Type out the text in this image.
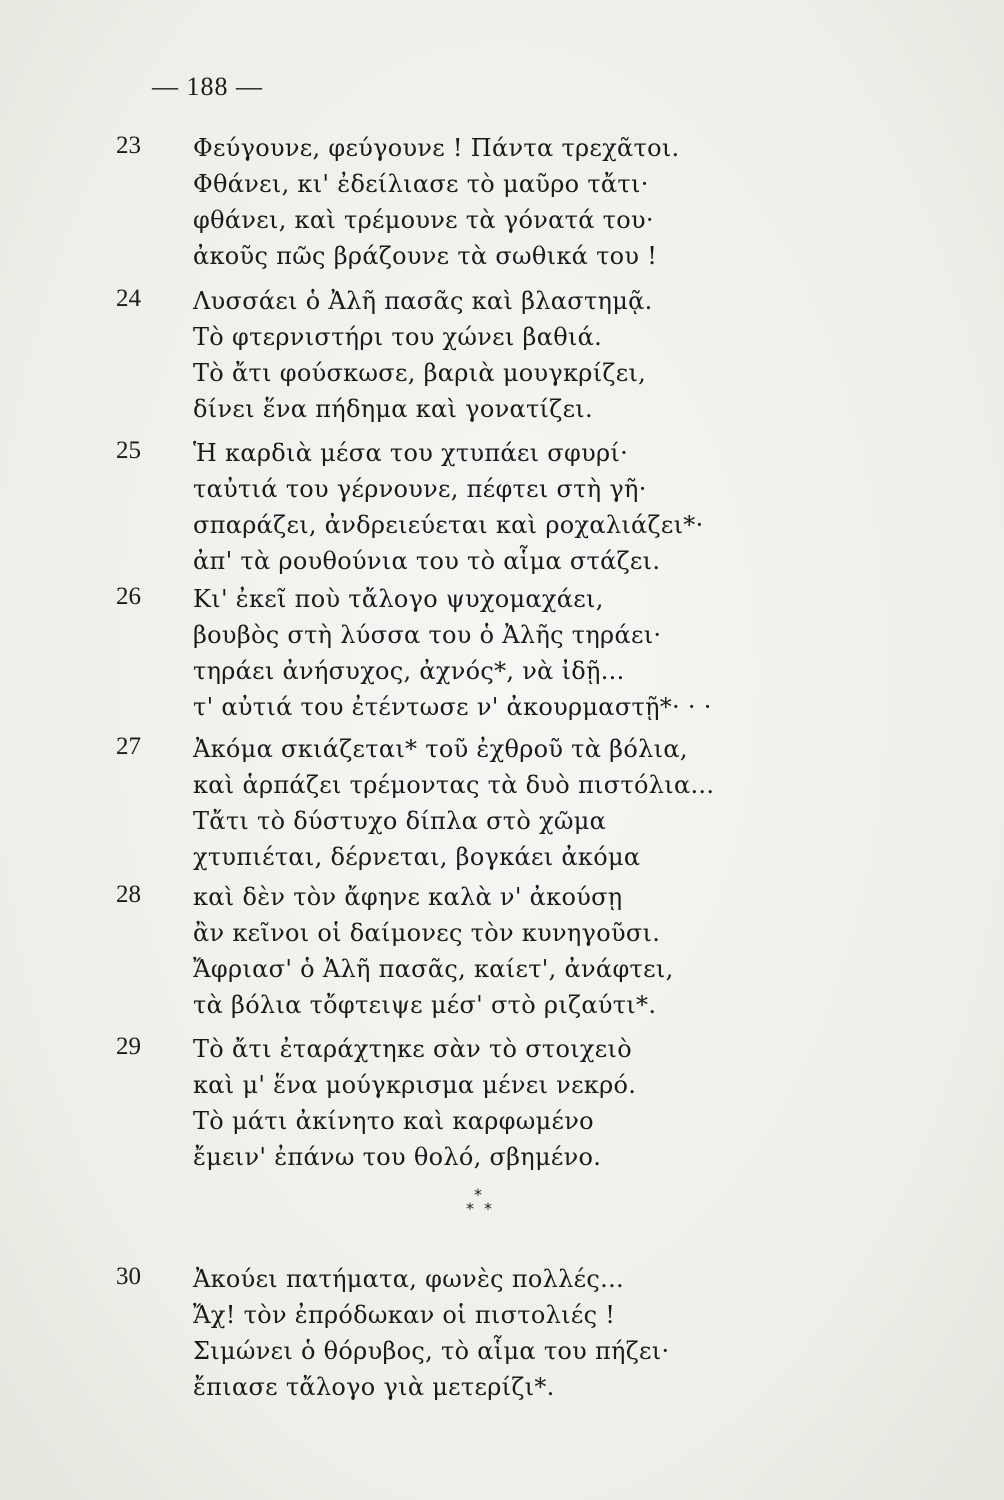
— 188 —
23 Φεύγουνε, φεύγουνε ! Πάντα τρεχᾶτοι.
Φθάνει, κι' ἐδείλιασε τὸ μαῦρο τἄτι·
φθάνει, καὶ τρέμουνε τὰ γόνατά του·
ἀκοῦς πῶς βράζουνε τὰ σωθικά του !
24 Λυσσάει ὁ Ἀλῆ πασᾶς καὶ βλαστημᾷ.
Τὸ φτερνιστήρι του χώνει βαθιά.
Τὸ ἄτι φούσκωσε, βαριὰ μουγκρίζει,
δίνει ἕνα πήδημα καὶ γονατίζει.
25 Ἡ καρδιὰ μέσα του χτυπάει σφυρί·
ταὐτιά του γέρνουνε, πέφτει στὴ γῆ·
σπαράζει, ἀνδρειεύεται καὶ ροχαλιάζει*·
ἀπ' τὰ ρουθούνια του τὸ αἷμα στάζει.
26 Κι' ἐκεῖ ποὺ τἄλογο ψυχομαχάει,
βουβὸς στὴ λύσσα του ὁ Ἀλῆς τηράει·
τηράει ἀνήσυχος, ἀχνός*, νὰ ἰδῇ...
τ' αὐτιά του ἐτέντωσε ν' ἀκουρμαστῇ*· · ·
27 Ἀκόμα σκιάζεται* τοῦ ἐχθροῦ τὰ βόλια,
καὶ ἁρπάζει τρέμοντας τὰ δυὸ πιστόλια...
Τἄτι τὸ δύστυχο δίπλα στὸ χῶμα
χτυπιέται, δέρνεται, βογκάει ἀκόμα
28 καὶ δὲν τὸν ἄφηνε καλὰ ν' ἀκούσῃ
ἂν κεῖνοι οἱ δαίμονες τὸν κυνηγοῦσι.
Ἄφριασ' ὁ Ἀλῆ πασᾶς, καίετ', ἀνάφτει,
τὰ βόλια τὄφτειψε μέσ' στὸ ριζαύτι*.
29 Τὸ ἄτι ἐταράχτηκε σὰν τὸ στοιχειὸ
καὶ μ' ἕνα μούγκρισμα μένει νεκρό.
Τὸ μάτι ἀκίνητο καὶ καρφωμένο
ἔμειν' ἐπάνω του θολό, σβημένο.
*
**
30 Ἀκούει πατήματα, φωνὲς πολλές...
Ἄχ! τὸν ἐπρόδωκαν οἱ πιστολιές !
Σιμώνει ὁ θόρυβος, τὸ αἷμα του πήζει·
ἔπιασε τἄλογο γιὰ μετερίζι*.
